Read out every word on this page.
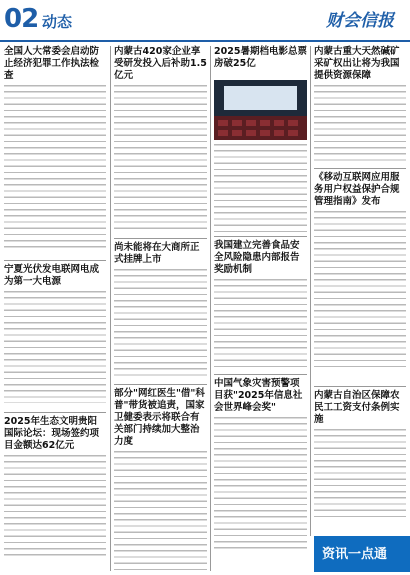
02 动态	财会信报
全国人大常委会启动防止经济犯罪工作执法检查
宁夏光伏发电联网电成为第一大电源
2025年生态文明贵阳国际论坛：现场签约项目金额达62亿元
内蒙古420家企业享受研发投入后补助1.5亿元
尚未能将在大商所正式挂牌上市
部分"网红医生"借"科普"带货被追责，国家卫健委表示将联合有关部门持续加大整治力度
2025暑期档电影总票房破25亿
我国建立完善食品安全风险隐患内部报告奖励机制
中国气象灾害预警项目获"2025年信息社会世界峰会奖"
内蒙古重大天然碱矿采矿权出让将为我国提供资源保障
《移动互联网应用服务用户权益保护合规管理指南》发布
内蒙古自治区保障农民工工资支付条例实施
资讯一点通
